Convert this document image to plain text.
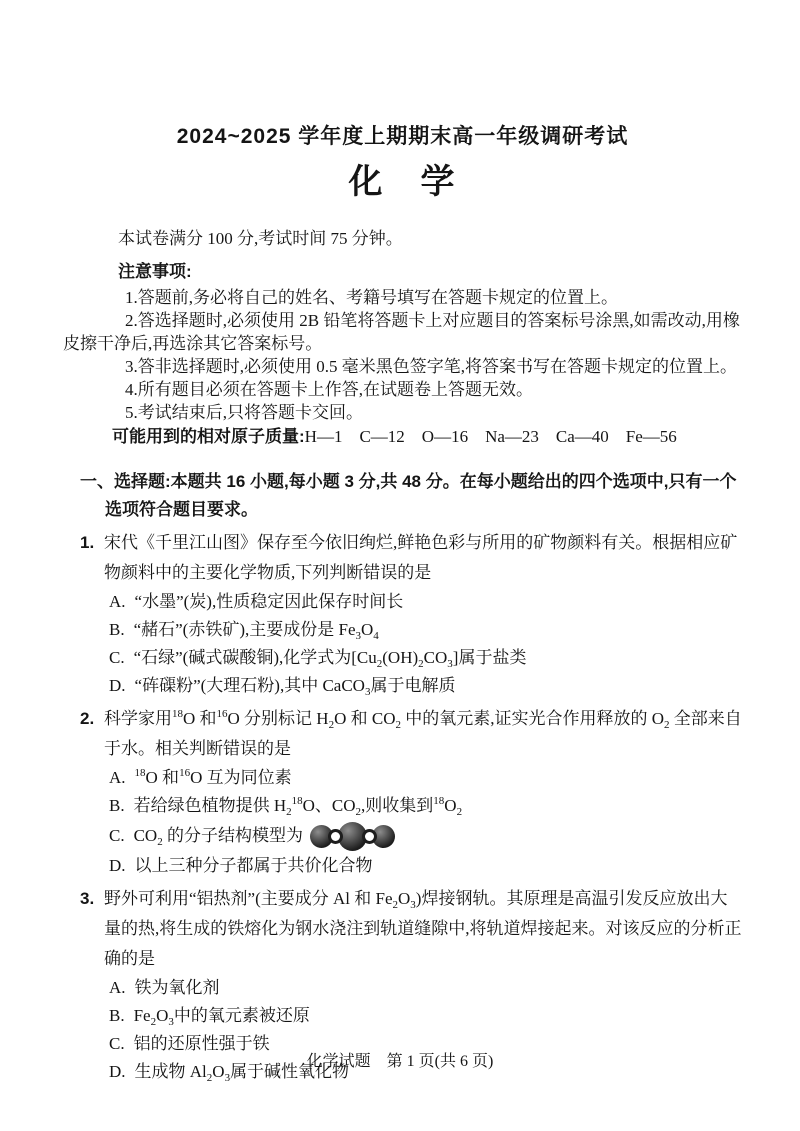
2024~2025 学年度上期期末高一年级调研考试
化　学
本试卷满分 100 分,考试时间 75 分钟。
注意事项:
1.答题前,务必将自己的姓名、考籍号填写在答题卡规定的位置上。
2.答选择题时,必须使用 2B 铅笔将答题卡上对应题目的答案标号涂黑,如需改动,用橡
皮擦干净后,再选涂其它答案标号。
3.答非选择题时,必须使用 0.5 毫米黑色签字笔,将答案书写在答题卡规定的位置上。
4.所有题目必须在答题卡上作答,在试题卷上答题无效。
5.考试结束后,只将答题卡交回。
可能用到的相对原子质量:H—1　C—12　O—16　Na—23　Ca—40　Fe—56
一、选择题:本题共 16 小题,每小题 3 分,共 48 分。在每小题给出的四个选项中,只有一个选项符合题目要求。
1. 宋代《千里江山图》保存至今依旧绚烂,鲜艳色彩与所用的矿物颜料有关。根据相应矿物颜料中的主要化学物质,下列判断错误的是
A. “水墨”(炭),性质稳定因此保存时间长
B. “赭石”(赤铁矿),主要成份是 $Fe_3O_4$
C. “石绿”(碱式碳酸铜),化学式为$[Cu_2(OH)_2CO_3]$属于盐类
D. “砗磲粉”(大理石粉),其中 CaCO$_3$属于电解质
2. 科学家用$^{18}$O 和$^{16}$O 分别标记 $H_2O$ 和 $CO_2$ 中的氧元素,证实光合作用释放的 $O_2$ 全部来自于水。相关判断错误的是
A. $^{18}$O 和$^{16}$O 互为同位素
B. 若给绿色植物提供 $H_2^{18}O$、$CO_2$,则收集到$^{18}O_2$
C. $CO_2$ 的分子结构模型为
D. 以上三种分子都属于共价化合物
3. 野外可利用“铝热剂”(主要成分 Al 和 $Fe_2O_3$)焊接钢轨。其原理是高温引发反应放出大量的热,将生成的铁熔化为钢水浇注到轨道缝隙中,将轨道焊接起来。对该反应的分析正确的是
A. 铁为氧化剂
B. $Fe_2O_3$中的氧元素被还原
C. 铝的还原性强于铁
D. 生成物 $Al_2O_3$属于碱性氧化物
化学试题　第 1 页(共 6 页)
